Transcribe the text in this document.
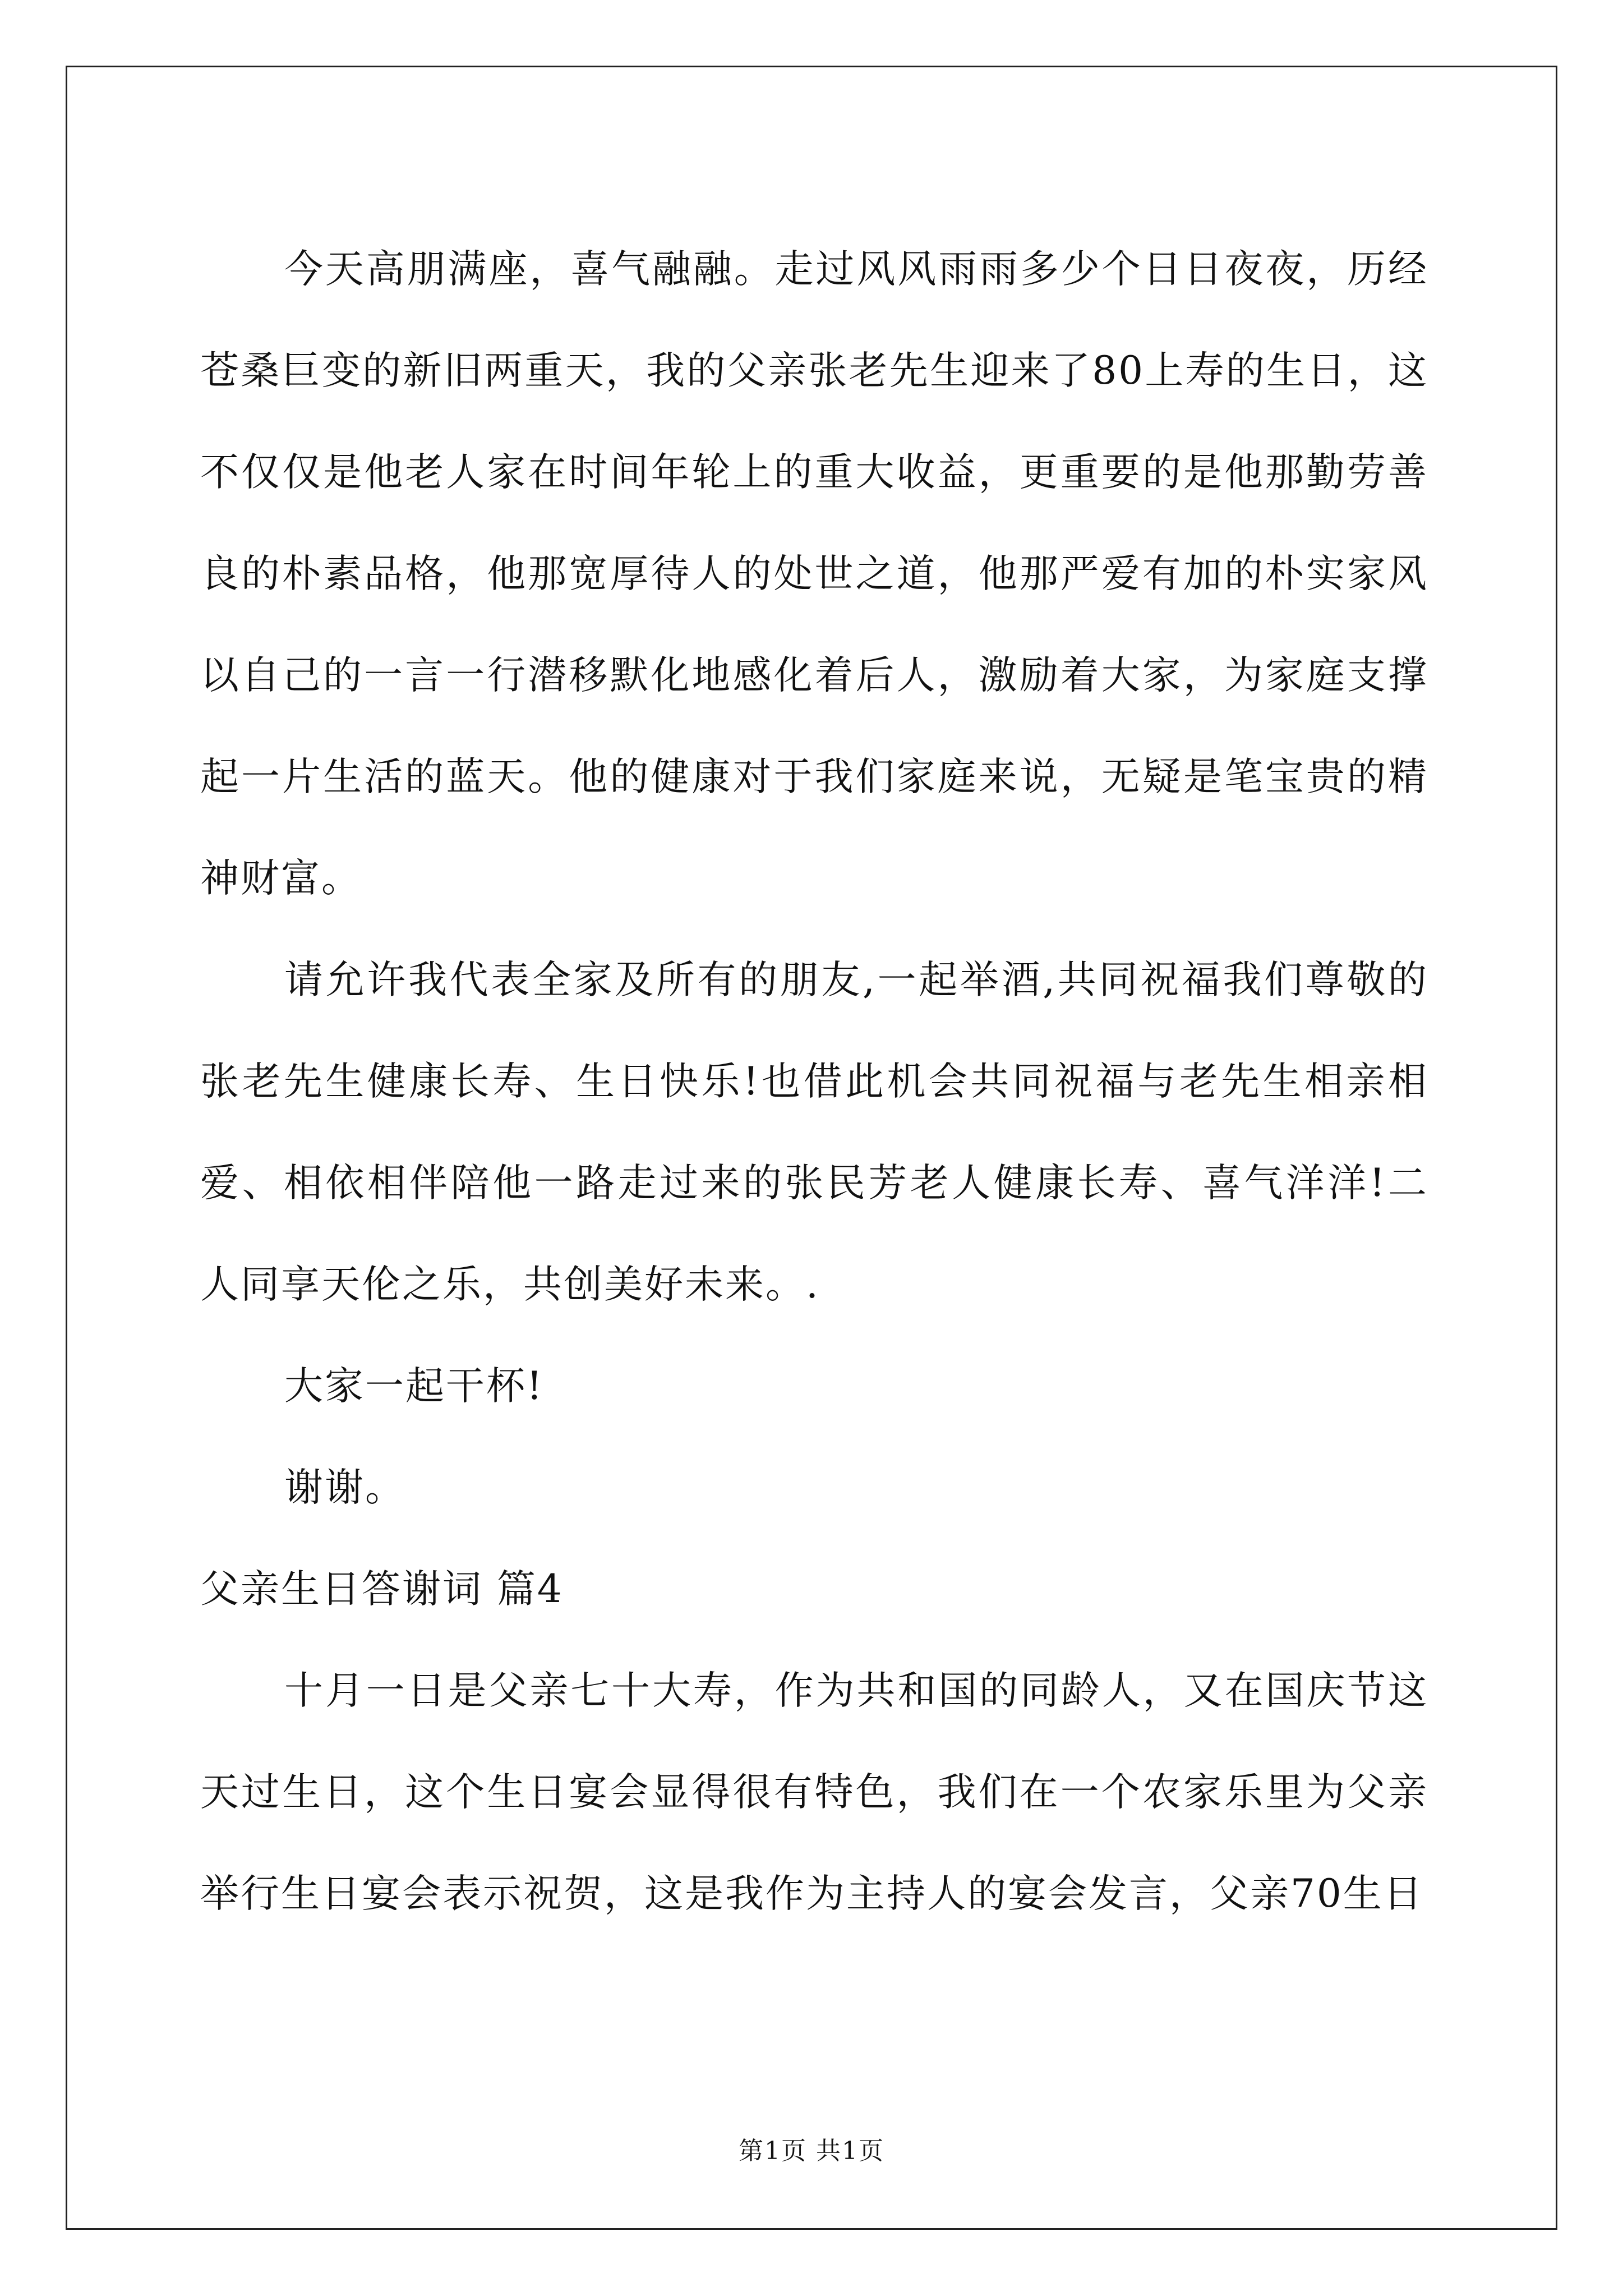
今天高朋满座，喜气融融。走过风风雨雨多少个日日夜夜，历经苍桑巨变的新旧两重天，我的父亲张老先生迎来了80上寿的生日，这不仅仅是他老人家在时间年轮上的重大收益，更重要的是他那勤劳善良的朴素品格，他那宽厚待人的处世之道，他那严爱有加的朴实家风以自己的一言一行潜移默化地感化着后人，激励着大家，为家庭支撑起一片生活的蓝天。他的健康对于我们家庭来说，无疑是笔宝贵的精神财富。

请允许我代表全家及所有的朋友,一起举酒,共同祝福我们尊敬的张老先生健康长寿、生日快乐!也借此机会共同祝福与老先生相亲相爱、相依相伴陪他一路走过来的张民芳老人健康长寿、喜气洋洋!二人同享天伦之乐，共创美好未来。.

大家一起干杯!

谢谢。

父亲生日答谢词 篇4

十月一日是父亲七十大寿，作为共和国的同龄人，又在国庆节这天过生日，这个生日宴会显得很有特色，我们在一个农家乐里为父亲举行生日宴会表示祝贺，这是我作为主持人的宴会发言，父亲70生日

第1页 共1页
